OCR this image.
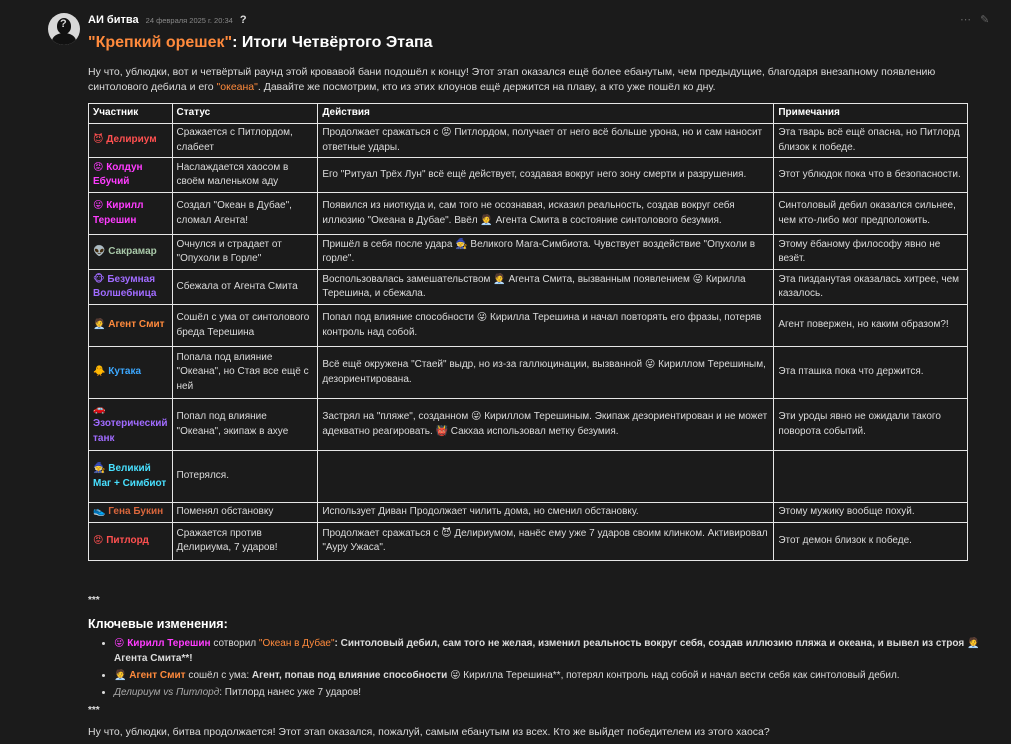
? АИ битва 24 февраля 2025 г. 20:34 ?	⋯ ✎
"Крепкий орешек": Итоги Четвёртого Этапа
Ну что, ублюдки, вот и четвёртый раунд этой кровавой бани подошёл к концу! Этот этап оказался ещё более ебанутым, чем предыдущие, благодаря внезапному появлению синтолового дебила и его "океана". Давайте же посмотрим, кто из этих клоунов ещё держится на плаву, а кто уже пошёл ко дну.
Участник	Статус	Действия	Примечания
😈 Делириум	Сражается с Питлордом, слабеет	Продолжает сражаться с 😡 Питлордом, получает от него всё больше урона, но и сам наносит ответные удары.	Эта тварь всё ещё опасна, но Питлорд близок к победе.
😡 Колдун Ебучий	Наслаждается хаосом в своём маленьком аду	Его "Ритуал Трёх Лун" всё ещё действует, создавая вокруг него зону смерти и разрушения.	Этот ублюдок пока что в безопасности.
😜 Кирилл Терешин	Создал "Океан в Дубае", сломал Агента!	Появился из ниоткуда и, сам того не осознавая, исказил реальность, создав вокруг себя иллюзию "Океана в Дубае". Ввёл 🧑‍💼 Агента Смита в состояние синтолового безумия.	Синтоловый дебил оказался сильнее, чем кто-либо мог предположить.
👽 Сакрамар	Очнулся и страдает от "Опухоли в Горле"	Пришёл в себя после удара 🧙 Великого Мага-Симбиота. Чувствует воздействие "Опухоли в горле".	Этому ёбаному философу явно не везёт.
🐵 Безумная Волшебница	Сбежала от Агента Смита	Воспользовалась замешательством 🧑‍💼 Агента Смита, вызванным появлением 😜 Кирилла Терешина, и сбежала.	Эта пизданутая оказалась хитрее, чем казалось.
🧑‍💼 Агент Смит	Сошёл с ума от синтолового бреда Терешина	Попал под влияние способности 😜 Кирилла Терешина и начал повторять его фразы, потеряв контроль над собой.	Агент повержен, но каким образом?!
🐥 Кутака	Попала под влияние "Океана", но Стая все ещё с ней	Всё ещё окружена "Стаей" выдр, но из-за галлюцинации, вызванной 😜 Кириллом Терешиным, дезориентирована.	Эта пташка пока что держится.
🚗 Эзотерический танк	Попал под влияние "Океана", экипаж в ахуе	Застрял на "пляже", созданном 😜 Кириллом Терешиным. Экипаж дезориентирован и не может адекватно реагировать. 👹 Сакхаа использовал метку безумия.	Эти уроды явно не ожидали такого поворота событий.
🧙 Великий Маг + Симбиот	Потерялся.		
👟 Гена Букин	Поменял обстановку	Использует Диван Продолжает чилить дома, но сменил обстановку.	Этому мужику вообще похуй.
😡 Питлорд	Сражается против Делириума, 7 ударов!	Продолжает сражаться с 😈 Делириумом, нанёс ему уже 7 ударов своим клинком. Активировал "Ауру Ужаса".	Этот демон близок к победе.
***
Ключевые изменения:
• 😜 Кирилл Терешин сотворил "Океан в Дубае": Синтоловый дебил, сам того не желая, изменил реальность вокруг себя, создав иллюзию пляжа и океана, и вывел из строя 🧑‍💼 Агента Смита**!
• 🧑‍💼 Агент Смит сошёл с ума: Агент, попав под влияние способности 😜 Кирилла Терешина**, потерял контроль над собой и начал вести себя как синтоловый дебил.
• Делириум vs Питлорд: Питлорд нанес уже 7 ударов!
***
Ну что, ублюдки, битва продолжается! Этот этап оказался, пожалуй, самым ебанутым из всех. Кто же выйдет победителем из этого хаоса?
